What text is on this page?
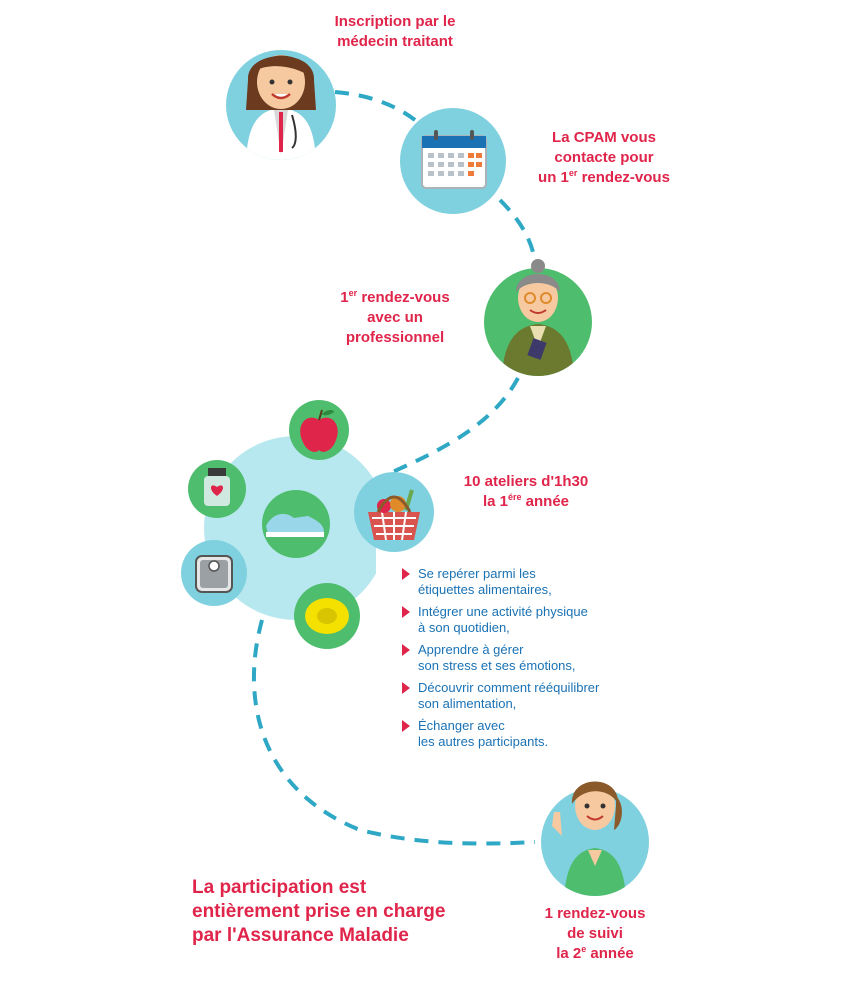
Inscription par le
médecin traitant
La CPAM vous
contacte pour
un 1er rendez-vous
1er rendez-vous
avec un
professionnel
10 ateliers d'1h30
la $1^{ére}$ année
Se repérer parmi les
étiquettes alimentaires,
Intégrer une activité physique
à son quotidien,
Apprendre à gérer
son stress et ses émotions,
Découvrir comment rééquilibrer
son alimentation,
Échanger avec
les autres participants.
1 rendez-vous
de suivi
la 2e année
La participation est
entièrement prise en charge
par l'Assurance Maladie
